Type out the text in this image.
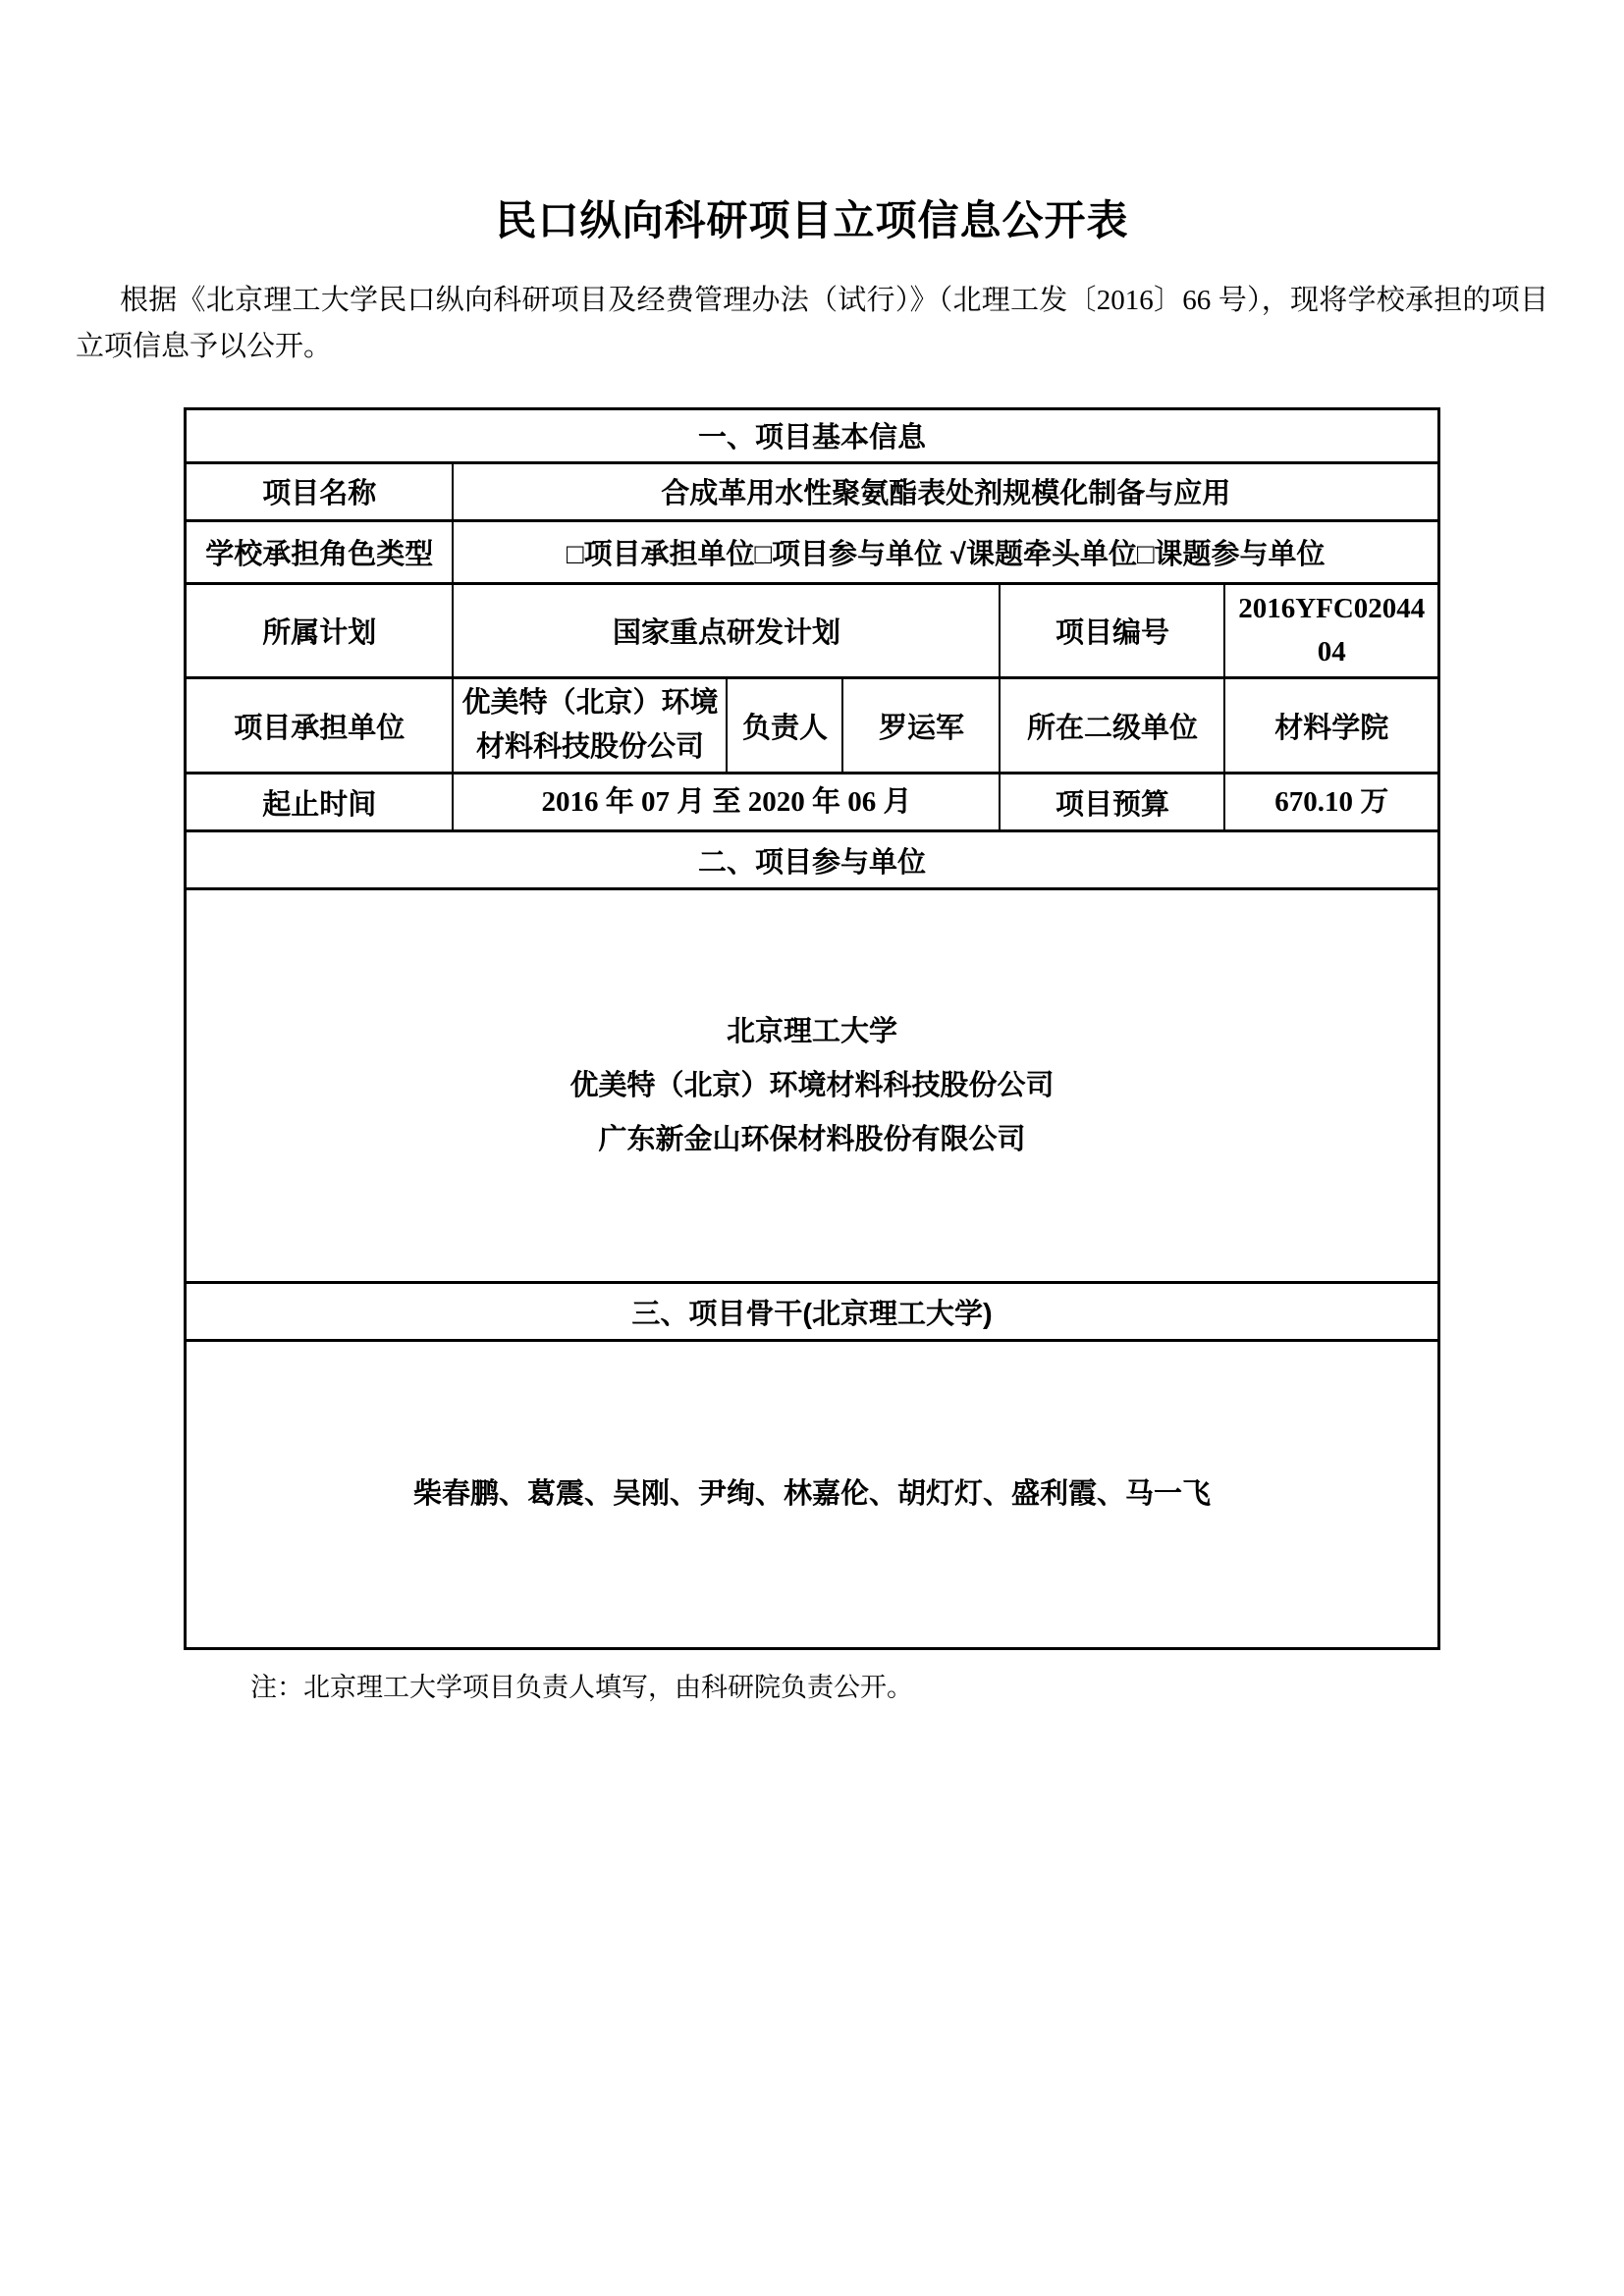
民口纵向科研项目立项信息公开表

根据《北京理工大学民口纵向科研项目及经费管理办法（试行）》（北理工发〔2016〕66 号），现将学校承担的项目立项信息予以公开。

一、项目基本信息					
项目名称	合成革用水性聚氨酯表处剂规模化制备与应用				
学校承担角色类型	□项目承担单位□项目参与单位 √课题牵头单位□课题参与单位				
所属计划	国家重点研发计划			项目编号	2016YFC0204404
项目承担单位	优美特（北京）环境材料科技股份公司	负责人	罗运军	所在二级单位	材料学院
起止时间	2016 年 07 月 至 2020 年 06 月			项目预算	670.10 万
二、项目参与单位					

北京理工大学
优美特（北京）环境材料科技股份公司
广东新金山环保材料股份有限公司					

三、项目骨干(北京理工大学)					
柴春鹏、葛震、吴刚、尹绚、林嘉伦、胡灯灯、盛利霞、马一飞					

注：北京理工大学项目负责人填写，由科研院负责公开。
